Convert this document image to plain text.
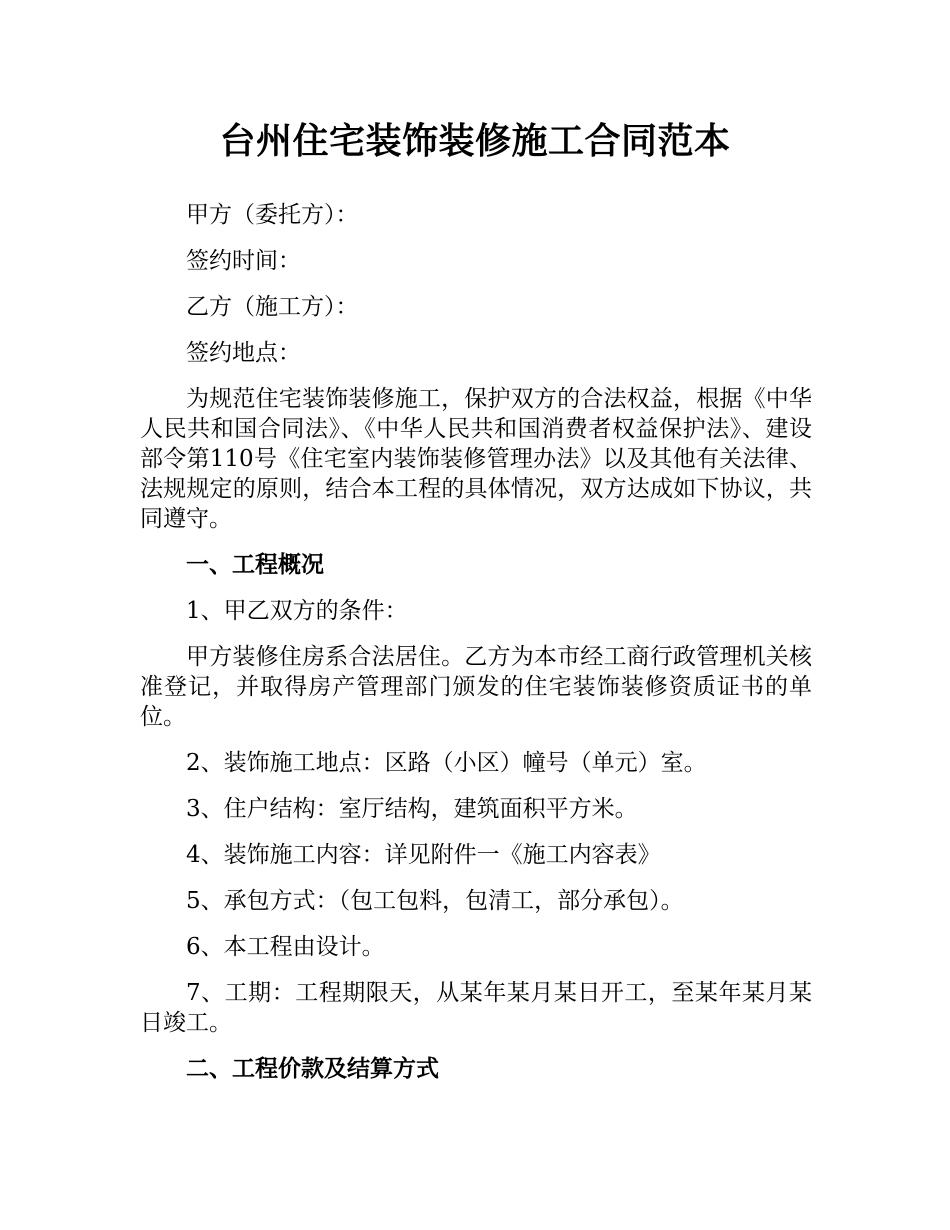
台州住宅装饰装修施工合同范本
甲方（委托方）：
签约时间：
乙方（施工方）：
签约地点：
为规范住宅装饰装修施工，保护双方的合法权益，根据《中华人民共和国合同法》、《中华人民共和国消费者权益保护法》、建设部令第110号《住宅室内装饰装修管理办法》以及其他有关法律、法规规定的原则，结合本工程的具体情况，双方达成如下协议，共同遵守。
一、工程概况
1、甲乙双方的条件：
甲方装修住房系合法居住。乙方为本市经工商行政管理机关核准登记，并取得房产管理部门颁发的住宅装饰装修资质证书的单位。
2、装饰施工地点：区路（小区）幢号（单元）室。
3、住户结构：室厅结构，建筑面积平方米。
4、装饰施工内容：详见附件一《施工内容表》
5、承包方式：（包工包料，包清工，部分承包）。
6、本工程由设计。
7、工期：工程期限天，从某年某月某日开工，至某年某月某日竣工。
二、工程价款及结算方式
